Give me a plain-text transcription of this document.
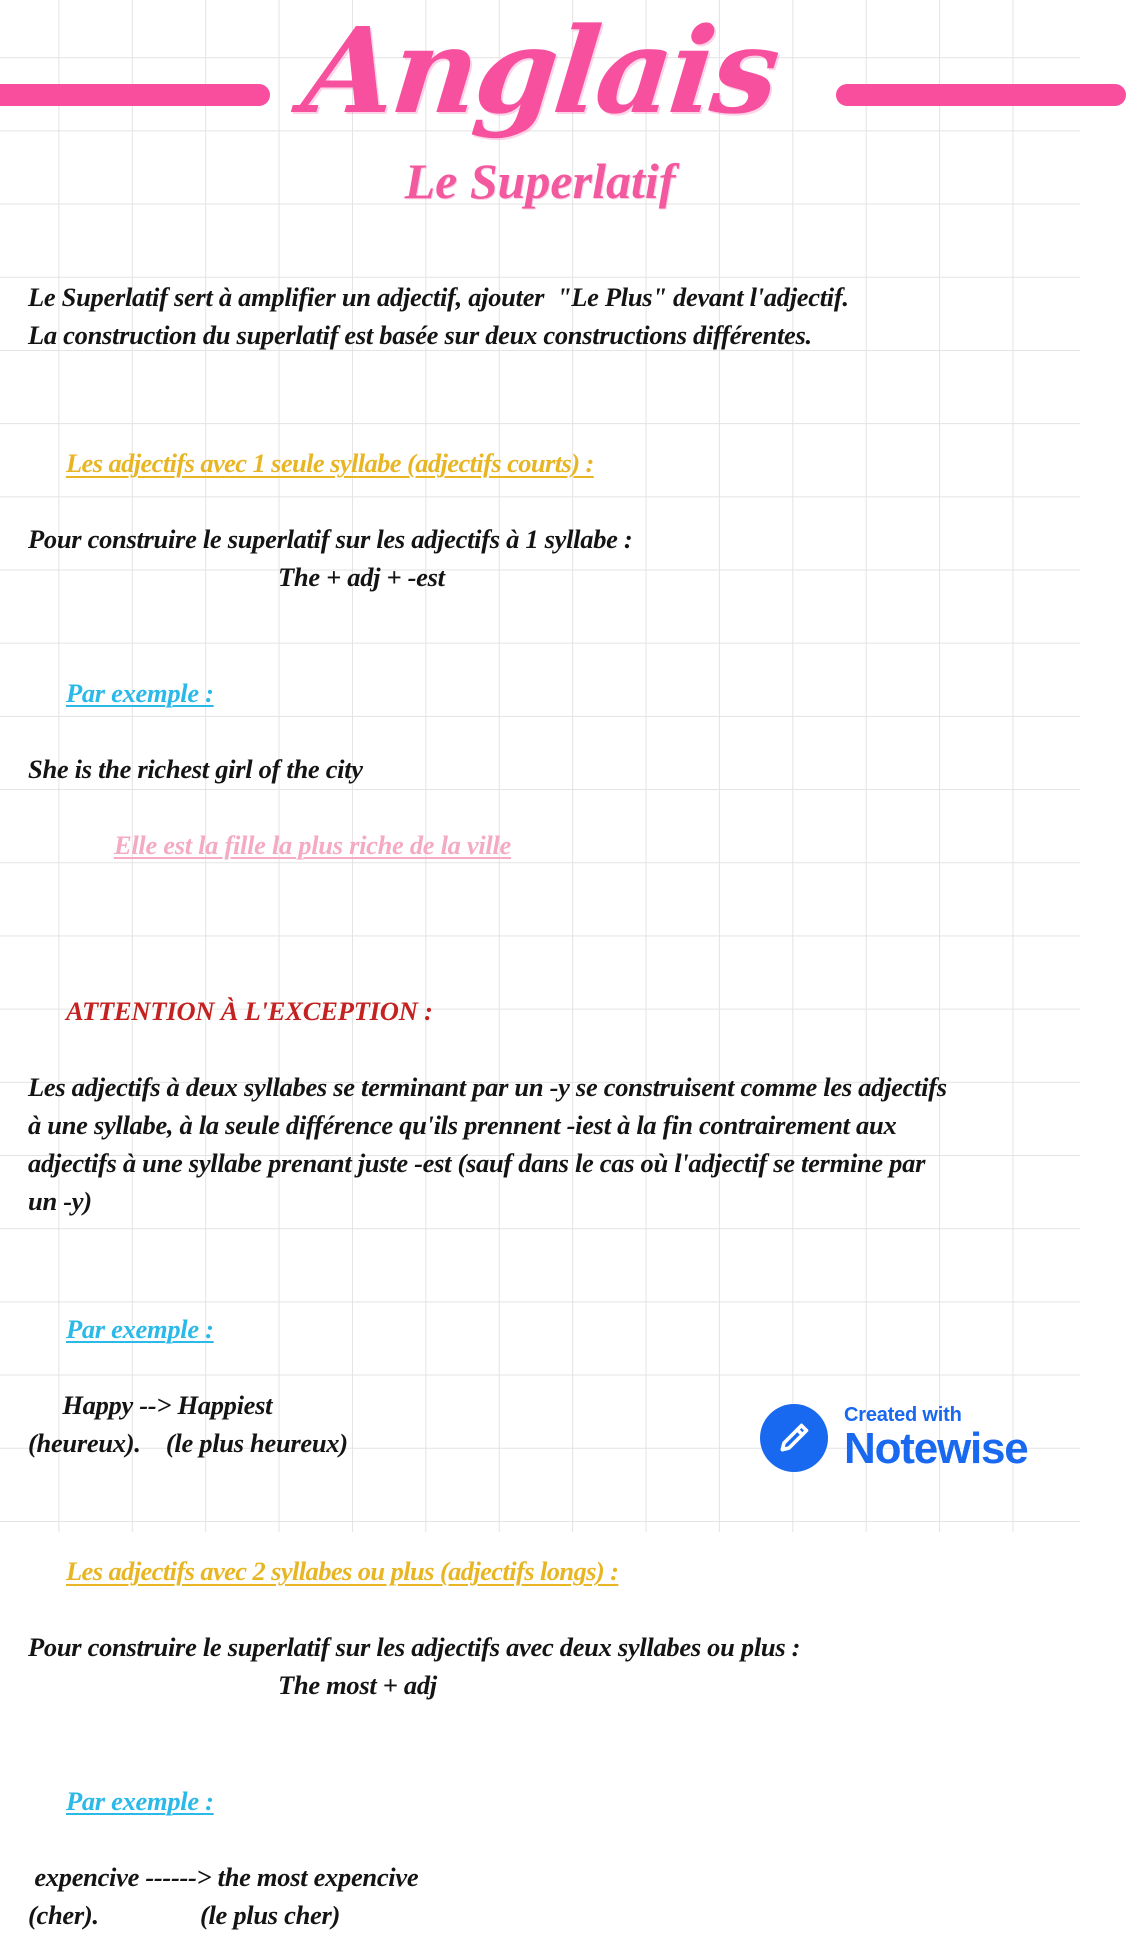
Anglais
Le Superlatif
Le Superlatif sert à amplifier un adjectif, ajouter  "Le Plus" devant l'adjectif.
La construction du superlatif est basée sur deux constructions différentes.

Les adjectifs avec 1 seule syllabe (adjectifs courts) :

Pour construire le superlatif sur les adjectifs à 1 syllabe :
The + adj + -est

Par exemple :

She is the richest girl of the city

Elle est la fille la plus riche de la ville

ATTENTION À L'EXCEPTION :

Les adjectifs à deux syllabes se terminant par un -y se construisent comme les adjectifs
à une syllabe, à la seule différence qu'ils prennent -iest à la fin contrairement aux
adjectifs à une syllabe prenant juste -est (sauf dans le cas où l'adjectif se termine par
un -y)

Par exemple :

Happy --> Happiest
(heureux).    (le plus heureux)

Les adjectifs avec 2 syllabes ou plus (adjectifs longs) :

Pour construire le superlatif sur les adjectifs avec deux syllabes ou plus :
The most + adj

Par exemple :

expencive ------> the most expencive
(cher).                (le plus cher)
Created with
Notewise
